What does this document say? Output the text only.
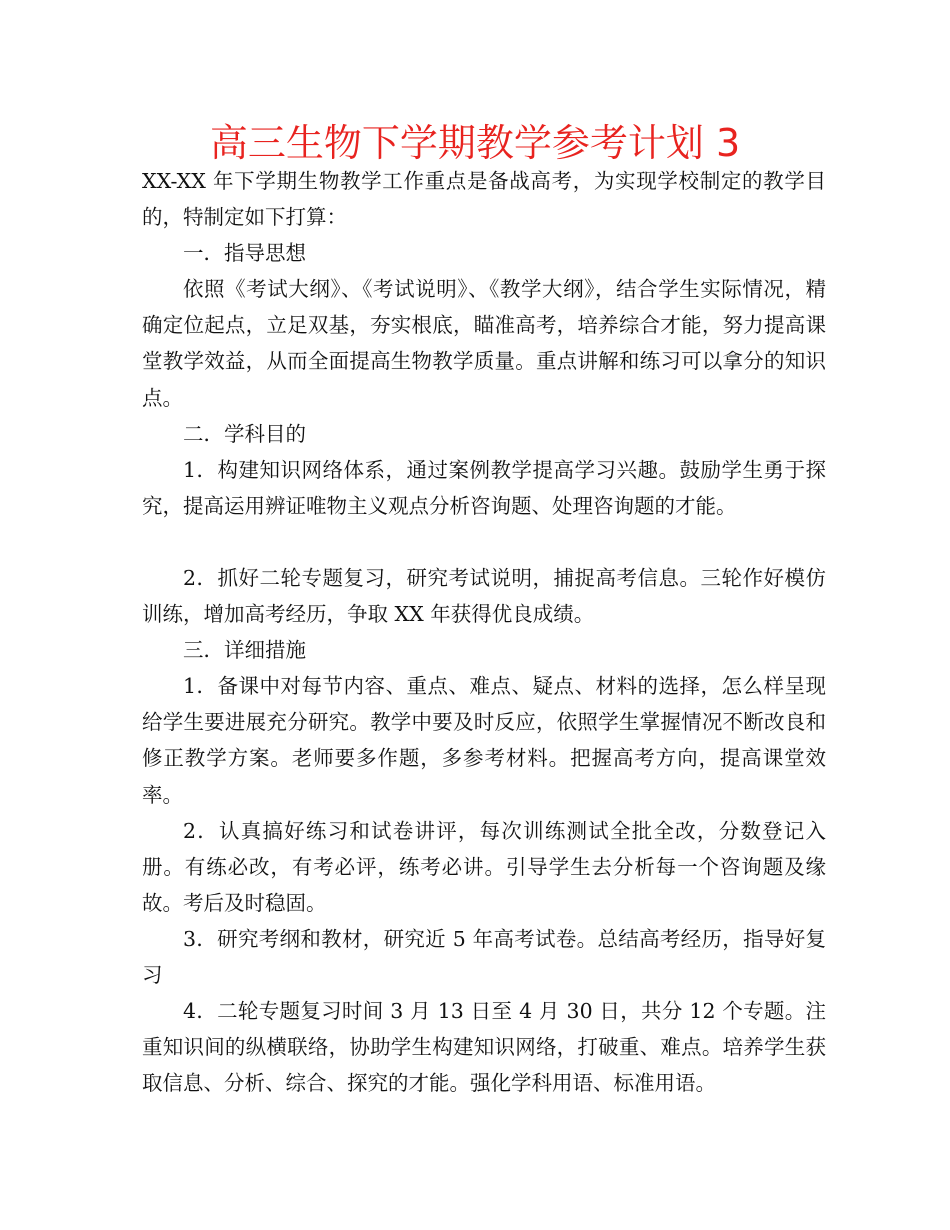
高三生物下学期教学参考计划 3

XX-XX 年下学期生物教学工作重点是备战高考，为实现学校制定的教学目的，特制定如下打算：

一．指导思想

依照《考试大纲》、《考试说明》、《教学大纲》，结合学生实际情况，精确定位起点，立足双基，夯实根底，瞄准高考，培养综合才能，努力提高课堂教学效益，从而全面提高生物教学质量。重点讲解和练习可以拿分的知识点。

二．学科目的

1．构建知识网络体系，通过案例教学提高学习兴趣。鼓励学生勇于探究，提高运用辨证唯物主义观点分析咨询题、处理咨询题的才能。

2．抓好二轮专题复习，研究考试说明，捕捉高考信息。三轮作好模仿训练，增加高考经历，争取 XX 年获得优良成绩。

三．详细措施

1．备课中对每节内容、重点、难点、疑点、材料的选择，怎么样呈现给学生要进展充分研究。教学中要及时反应，依照学生掌握情况不断改良和修正教学方案。老师要多作题，多参考材料。把握高考方向，提高课堂效率。

2．认真搞好练习和试卷讲评，每次训练测试全批全改，分数登记入册。有练必改，有考必评，练考必讲。引导学生去分析每一个咨询题及缘故。考后及时稳固。

3．研究考纲和教材，研究近 5 年高考试卷。总结高考经历，指导好复习

4．二轮专题复习时间 3 月 13 日至 4 月 30 日，共分 12 个专题。注重知识间的纵横联络，协助学生构建知识网络，打破重、难点。培养学生获取信息、分析、综合、探究的才能。强化学科用语、标准用语。
